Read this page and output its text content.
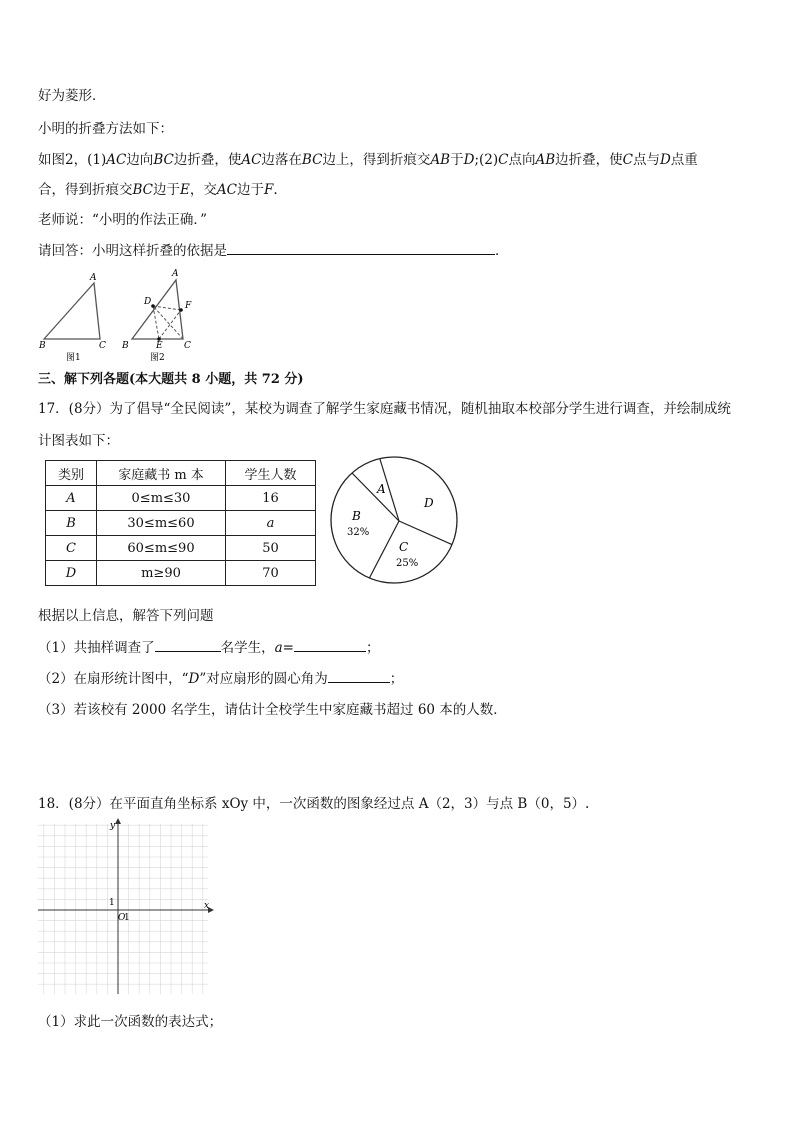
好为菱形．
小明的折叠方法如下：
如图2，(1)AC边向BC边折叠，使AC边落在BC边上，得到折痕交AB于D;(2)C点向AB边折叠，使C点与D点重
合，得到折痕交BC边于E，交AC边于F.
老师说：“小明的作法正确．”
请回答：小明这样折叠的依据是	．
A
B	C
图1
A
D	F
B	E C
图2
三、解下列各题(本大题共 8 小题，共 72 分)
17．(8分）为了倡导“全民阅读”，某校为调查了解学生家庭藏书情况，随机抽取本校部分学生进行调查，并绘制成统
计图表如下：
类别	家庭藏书 m 本	学生人数
A	0≤m≤30	16
B	30≤m≤60	a
C	60≤m≤90	50
D	m≥90	70
A
D
B
32%
C
25%
根据以上信息，解答下列问题
（1）共抽样调查了	名学生，a=	；
（2）在扇形统计图中，“D”对应扇形的圆心角为	；
（3）若该校有 2000 名学生，请估计全校学生中家庭藏书超过 60 本的人数．
18．(8分）在平面直角坐标系 xOy 中，一次函数的图象经过点 A（2，3）与点 B（0，5）.
y
x
1
O
1
（1）求此一次函数的表达式；
